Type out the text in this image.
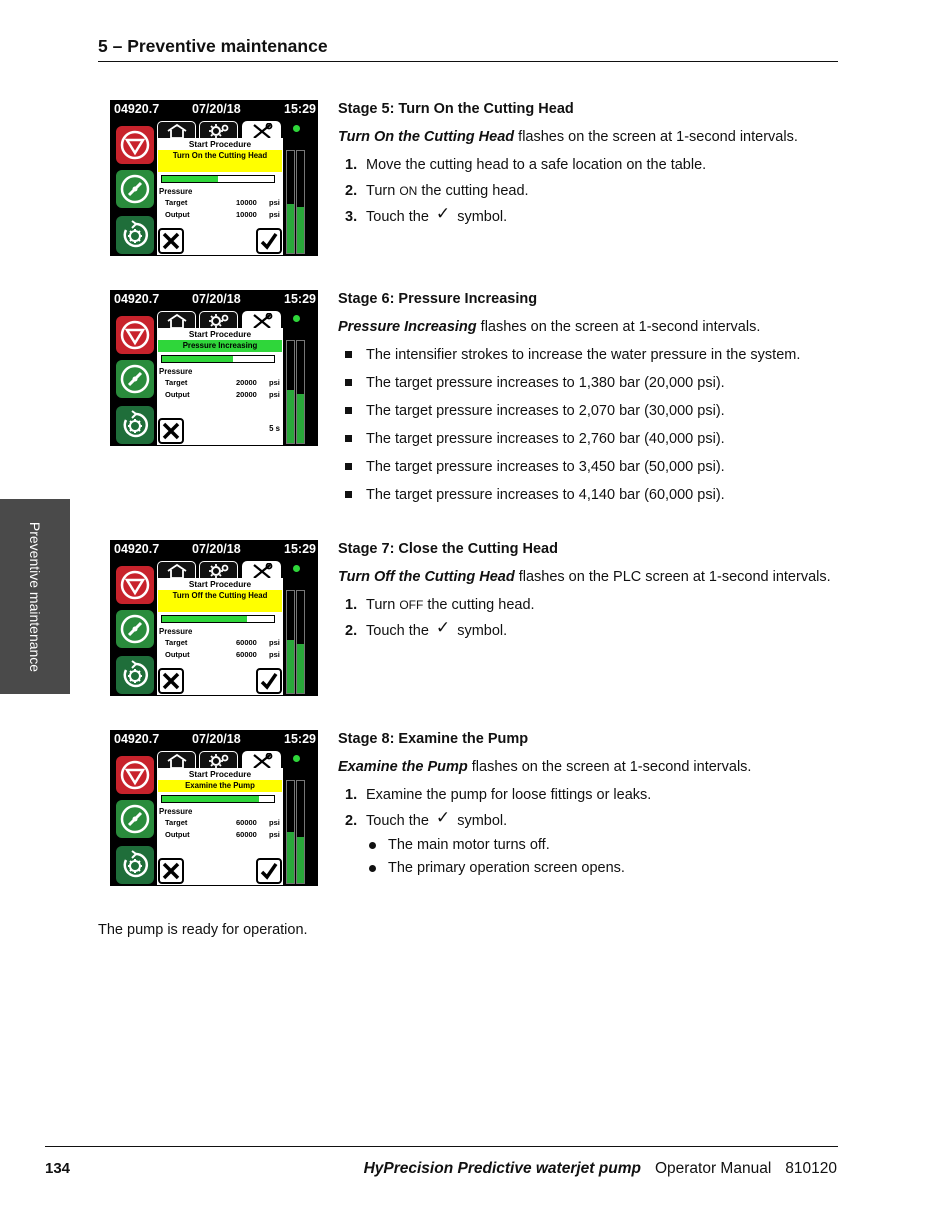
5 – Preventive maintenance
Preventive maintenance
04920.7	07/20/18	15:29
Start Procedure
Turn On the Cutting Head
Pressure
Target	10000 psi
Output	10000 psi
Stage 5: Turn On the Cutting Head

Turn On the Cutting Head flashes on the screen at 1-second intervals.

1. Move the cutting head to a safe location on the table.
2. Turn ON the cutting head.
3. Touch the ✓ symbol.
04920.7	07/20/18	15:29
Start Procedure
Pressure Increasing
Pressure
Target	20000 psi
Output	20000 psi
5 s
Stage 6: Pressure Increasing

Pressure Increasing flashes on the screen at 1-second intervals.

The intensifier strokes to increase the water pressure in the system.
The target pressure increases to 1,380 bar (20,000 psi).
The target pressure increases to 2,070 bar (30,000 psi).
The target pressure increases to 2,760 bar (40,000 psi).
The target pressure increases to 3,450 bar (50,000 psi).
The target pressure increases to 4,140 bar (60,000 psi).
04920.7	07/20/18	15:29
Start Procedure
Turn Off the Cutting Head
Pressure
Target	60000 psi
Output	60000 psi
Stage 7: Close the Cutting Head

Turn Off the Cutting Head flashes on the PLC screen at 1-second intervals.

1. Turn OFF the cutting head.
2. Touch the ✓ symbol.
04920.7	07/20/18	15:29
Start Procedure
Examine the Pump
Pressure
Target	60000 psi
Output	60000 psi
Stage 8: Examine the Pump

Examine the Pump flashes on the screen at 1-second intervals.

1. Examine the pump for loose fittings or leaks.
2. Touch the ✓ symbol.
The main motor turns off.
The primary operation screen opens.
The pump is ready for operation.
134	HyPrecision Predictive waterjet pump Operator Manual 810120
